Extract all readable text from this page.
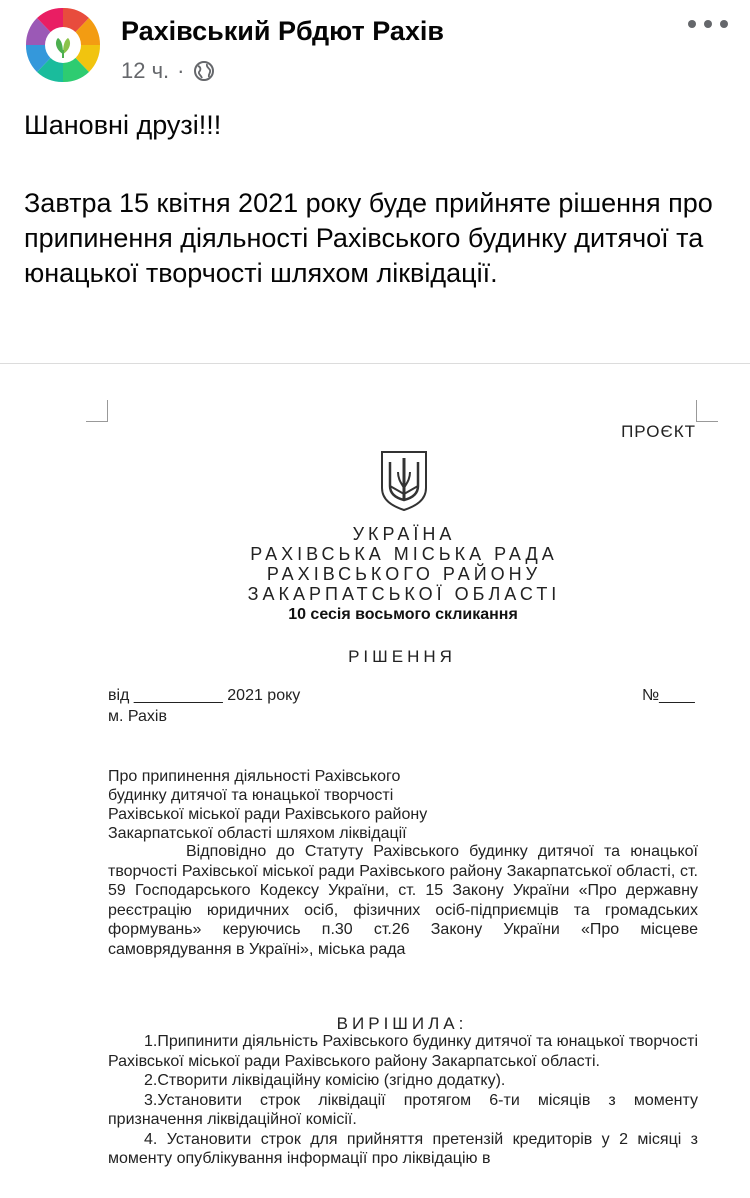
Рахівський Рбдют Рахів
12 ч. ·
Шановні друзі!!!
Завтра 15 квітня 2021 року буде прийняте рішення про припинення діяльності Рахівського будинку дитячої та юнацької творчості шляхом ліквідації.
ПРОЄКТ
УКРАЇНА
РАХІВСЬКА МІСЬКА РАДА
РАХІВСЬКОГО РАЙОНУ
ЗАКАРПАТСЬКОЇ ОБЛАСТІ
10 сесія восьмого скликання
РІШЕННЯ
від __________ 2021 року	№____
м. Рахів
Про припинення діяльності Рахівського
будинку дитячої та юнацької творчості
Рахівської міської ради Рахівського району
Закарпатської області шляхом ліквідації
Відповідно до Статуту Рахівського будинку дитячої та юнацької творчості Рахівської міської ради Рахівського району Закарпатської області, ст. 59 Господарського Кодексу України, ст. 15 Закону України «Про державну реєстрацію юридичних осіб, фізичних осіб-підприємців та громадських формувань» керуючись п.30 ст.26 Закону України «Про місцеве самоврядування в Україні», міська рада
ВИРІШИЛА:

1.Припинити діяльність Рахівського будинку дитячої та юнацької творчості Рахівської міської ради Рахівського району Закарпатської області.

2.Створити ліквідаційну комісію (згідно додатку).

3.Установити строк ліквідації протягом 6-ти місяців з моменту призначення ліквідаційної комісії.

4. Установити строк для прийняття претензій кредиторів у 2 місяці з моменту опублікування інформації про ліквідацію в
